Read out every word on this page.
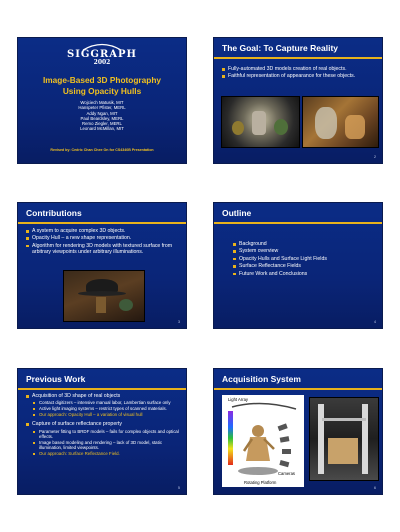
SIGGRAPH
2002
Image-Based 3D Photography
Using Opacity Hulls
Wojciech Matusik, MIT
Hanspeter Pfister, MERL
Addy Ngan, MIT
Paul Beardsley, MERL
Remo Ziegler, MERL
Leonard McMillan, MIT
Revised by: Cedric Chan Chee On for CS4340B Presentation
The Goal: To Capture Reality
Fully-automated 3D models creation of real objects.
Faithful representation of appearance for these objects.
2
Contributions
A system to acquire complex 3D objects.
Opacity Hull – a new shape representation.
Algorithm for rendering 3D models with textured surface from arbitrary viewpoints under arbitrary illuminations.
3
Outline
Background
System overview
Opacity Hulls and Surface Light Fields
Surface Reflectance Fields
Future Work and Conclusions
4
Previous Work
Acquisition of 3D shape of real objects
Contact digitizers – intensive manual labor, Lambertian surface only
Active light imaging systems – restrict types of scanned materials.
Our approach: Opacity Hull – a variation of visual hull
Capture of surface reflectance property
Parameter fitting to BRDF models – fails for complex objects and optical effects.
Image based modeling and rendering – lack of 3D model, static illumination, limited viewpoints.
Our approach: Surface Reflectance Field.
5
Acquisition System
Light Array
Cameras
Rotating Platform
6
